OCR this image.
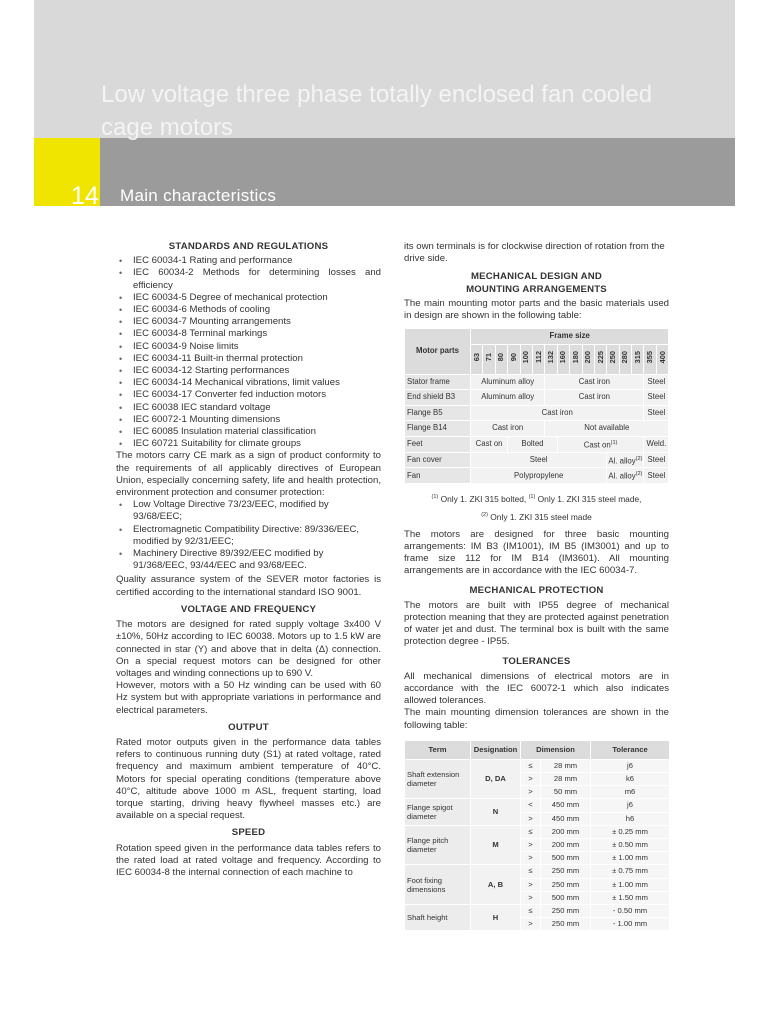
Low voltage three phase totally enclosed fan cooled cage motors
14 Main characteristics

STANDARDS AND REGULATIONS

• IEC 60034-1 Rating and performance
• IEC 60034-2 Methods for determining losses and efficiency
• IEC 60034-5 Degree of mechanical protection
• IEC 60034-6 Methods of cooling
• IEC 60034-7 Mounting arrangements
• IEC 60034-8 Terminal markings
• IEC 60034-9 Noise limits
• IEC 60034-11 Built-in thermal protection
• IEC 60034-12 Starting performances
• IEC 60034-14 Mechanical vibrations, limit values
• IEC 60034-17 Converter fed induction motors
• IEC 60038 IEC standard voltage
• IEC 60072-1 Mounting dimensions
• IEC 60085 Insulation material classification
• IEC 60721 Suitability for climate groups

The motors carry CE mark as a sign of product conformity to the requirements of all applicably directives of European Union, especially concerning safety, life and health protection, environment protection and consumer protection:

• Low Voltage Directive 73/23/EEC, modified by 93/68/EEC;
• Electromagnetic Compatibility Directive: 89/336/EEC, modified by 92/31/EEC;
• Machinery Directive 89/392/EEC modified by 91/368/EEC, 93/44/EEC and 93/68/EEC.

Quality assurance system of the SEVER motor factories is certified according to the international standard ISO 9001.

VOLTAGE AND FREQUENCY

The motors are designed for rated supply voltage 3x400 V ±10%, 50Hz according to IEC 60038. Motors up to 1.5 kW are connected in star (Y) and above that in delta (Δ) connection. On a special request motors can be designed for other voltages and winding connections up to 690 V.

However, motors with a 50 Hz winding can be used with 60 Hz system but with appropriate variations in performance and electrical parameters.

OUTPUT

Rated motor outputs given in the performance data tables refers to continuous running duty (S1) at rated voltage, rated frequency and maximum ambient temperature of 40°C. Motors for special operating conditions (temperature above 40°C, altitude above 1000 m ASL, frequent starting, load torque starting, driving heavy flywheel masses etc.) are available on a special request.

SPEED

Rotation speed given in the performance data tables refers to the rated load at rated voltage and frequency. According to IEC 60034-8 the internal connection of each machine to

its own terminals is for clockwise direction of rotation from the drive side.

MECHANICAL DESIGN AND

MOUNTING ARRANGEMENTS

The main mounting motor parts and the basic materials used in design are shown in the following table:

Motor parts	Frame size															
	63	71	80	90	100	112	132	160	180	200	225	250	280	315	355	400
Stator frame	Aluminum alloy						Cast iron								Steel	
End shield B3	Aluminum alloy						Cast iron								Steel	
Flange B5	Cast iron														Steel	
Flange B14	Cast iron						Not available									
Feet	Cast on			Bolted				Cast $on^{(1)}$							Weld.	
Fan cover	Steel											Al. alloy$^{(2)}$			Steel	
Fan	Polypropylene											Al. alloy$^{(2)}$			Steel	
$^{(1)}$ Only 1. ZKI 315 bolted, $^{(1)}$ Only 1. ZKI 315 steel made,
$^{(2)}$ Only 1. ZKI 315 steel made

The motors are designed for three basic mounting arrangements: IM B3 (IM1001), IM B5 (IM3001) and up to frame size 112 for IM B14 (IM3601). All mounting arrangements are in accordance with the IEC 60034-7.

MECHANICAL PROTECTION

The motors are built with IP55 degree of mechanical protection meaning that they are protected against penetration of water jet and dust. The terminal box is built with the same protection degree - IP55.

TOLERANCES

All mechanical dimensions of electrical motors are in accordance with the IEC 60072-1 which also indicates allowed tolerances.

The main mounting dimension tolerances are shown in the following table:

Term	Designation	Dimension		Tolerance
Shaft extension diameter	D, DA	≤	28 mm	j6
		>	28 mm	k6
		>	50 mm	m6
Flange spigot diameter	N	<	450 mm	j6
		>	450 mm	h6
Flange pitch diameter	M	≤	200 mm	± 0.25 mm
		>	200 mm	± 0.50 mm
		>	500 mm	± 1.00 mm
Foot fixing dimensions	A, B	≤	250 mm	± 0.75 mm
		>	250 mm	± 1.00 mm
		>	500 mm	± 1.50 mm
Shaft height	H	≤	250 mm	- 0.50 mm
		>	250 mm	- 1.00 mm
